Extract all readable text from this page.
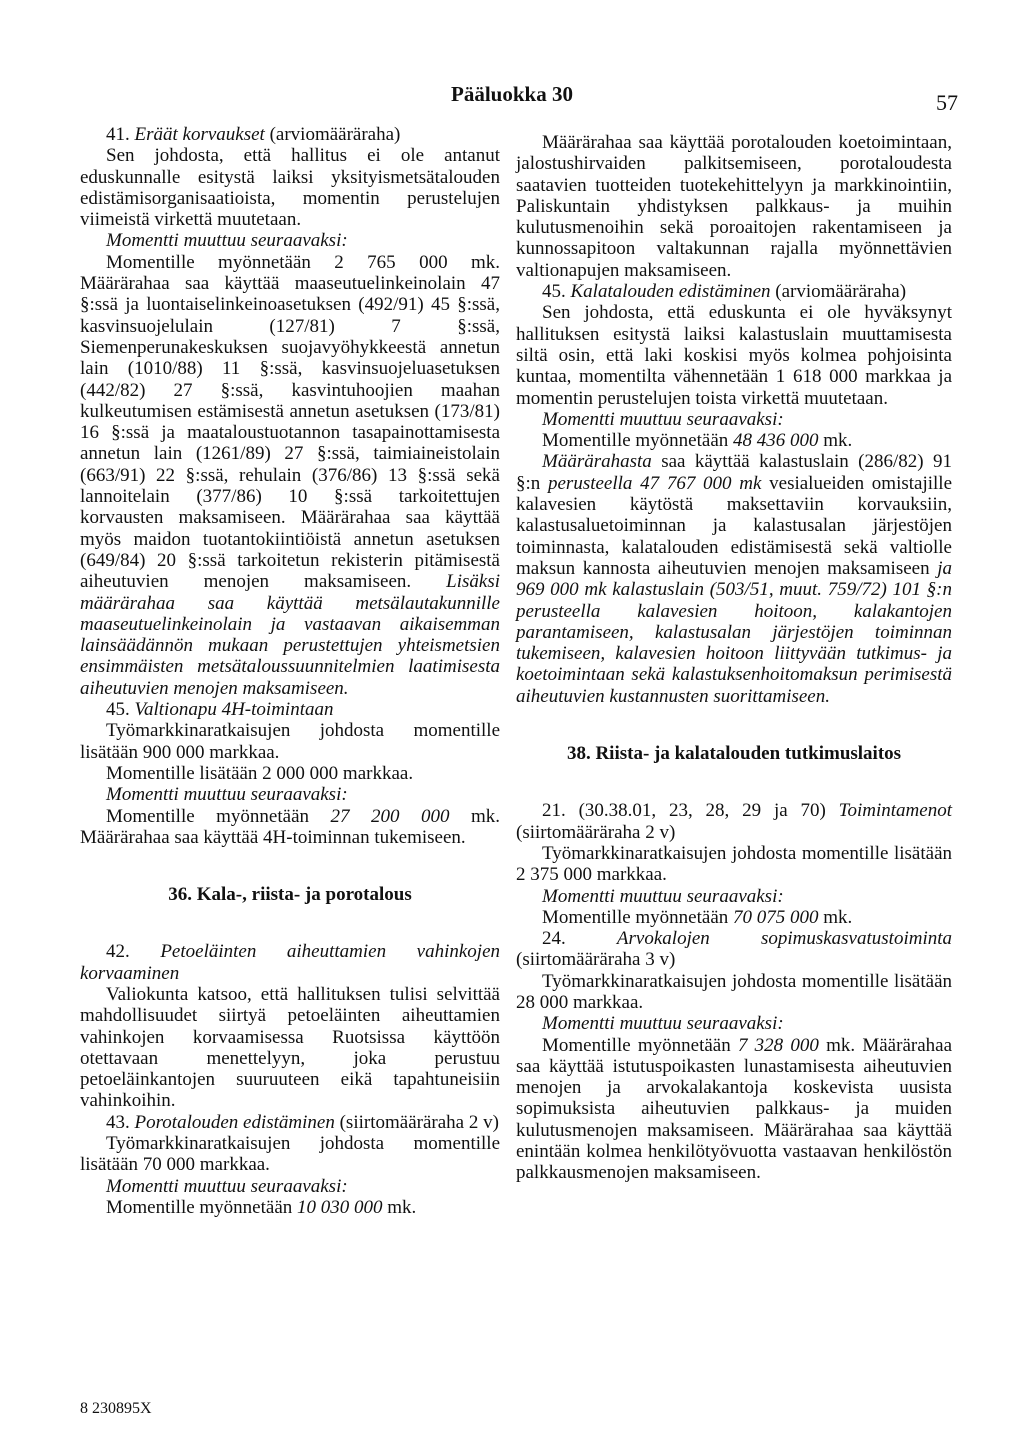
Pääluokka 30	57

41. Eräät korvaukset (arviomääräraha)

Sen johdosta, että hallitus ei ole antanut eduskunnalle esitystä laiksi yksityismetsätalouden edistämisorganisaatioista, momentin perustelujen viimeistä virkettä muutetaan.

Momentti muuttuu seuraavaksi:

Momentille myönnetään 2 765 000 mk. Määrärahaa saa käyttää maaseutuelinkeinolain 47 §:ssä ja luontaiselinkeinoasetuksen (492/91) 45 §:ssä, kasvinsuojelulain (127/81) 7 §:ssä, Siemenperunakeskuksen suojavyöhykkeestä annetun lain (1010/88) 11 §:ssä, kasvinsuojeluasetuksen (442/82) 27 §:ssä, kasvintuhoojien maahan kulkeutumisen estämisestä annetun asetuksen (173/81) 16 §:ssä ja maataloustuotannon tasapainottamisesta annetun lain (1261/89) 27 §:ssä, taimiaineistolain (663/91) 22 §:ssä, rehulain (376/86) 13 §:ssä sekä lannoitelain (377/86) 10 §:ssä tarkoitettujen korvausten maksamiseen. Määrärahaa saa käyttää myös maidon tuotantokiintiöistä annetun asetuksen (649/84) 20 §:ssä tarkoitetun rekisterin pitämisestä aiheutuvien menojen maksamiseen. Lisäksi määrärahaa saa käyttää metsälautakunnille maaseutuelinkeinolain ja vastaavan aikaisemman lainsäädännön mukaan perustettujen yhteismetsien ensimmäisten metsätaloussuunnitelmien laatimisesta aiheutuvien menojen maksamiseen.

45. Valtionapu 4H-toimintaan

Työmarkkinaratkaisujen johdosta momentille lisätään 900 000 markkaa.

Momentille lisätään 2 000 000 markkaa.

Momentti muuttuu seuraavaksi:

Momentille myönnetään 27 200 000 mk. Määrärahaa saa käyttää 4H-toiminnan tukemiseen.

36. Kala-, riista- ja porotalous

42. Petoeläinten aiheuttamien vahinkojen korvaaminen

Valiokunta katsoo, että hallituksen tulisi selvittää mahdollisuudet siirtyä petoeläinten aiheuttamien vahinkojen korvaamisessa Ruotsissa käyttöön otettavaan menettelyyn, joka perustuu petoeläinkantojen suuruuteen eikä tapahtuneisiin vahinkoihin.

43. Porotalouden edistäminen (siirtomääräraha 2 v)

Työmarkkinaratkaisujen johdosta momentille lisätään 70 000 markkaa.

Momentti muuttuu seuraavaksi:

Momentille myönnetään 10 030 000 mk.

Määrärahaa saa käyttää porotalouden koetoimintaan, jalostushirvaiden palkitsemiseen, porotaloudesta saatavien tuotteiden tuotekehittelyyn ja markkinointiin, Paliskuntain yhdistyksen palkkaus- ja muihin kulutusmenoihin sekä poroaitojen rakentamiseen ja kunnossapitoon valtakunnan rajalla myönnettävien valtionapujen maksamiseen.

45. Kalatalouden edistäminen (arviomääräraha)

Sen johdosta, että eduskunta ei ole hyväksynyt hallituksen esitystä laiksi kalastuslain muuttamisesta siltä osin, että laki koskisi myös kolmea pohjoisinta kuntaa, momentilta vähennetään 1 618 000 markkaa ja momentin perustelujen toista virkettä muutetaan.

Momentti muuttuu seuraavaksi:

Momentille myönnetään 48 436 000 mk.

Määrärahasta saa käyttää kalastuslain (286/82) 91 §:n perusteella 47 767 000 mk vesialueiden omistajille kalavesien käytöstä maksettaviin korvauksiin, kalastusaluetoiminnan ja kalastusalan järjestöjen toiminnasta, kalatalouden edistämisestä sekä valtiolle maksun kannosta aiheutuvien menojen maksamiseen ja 969 000 mk kalastuslain (503/51, muut. 759/72) 101 §:n perusteella kalavesien hoitoon, kalakantojen parantamiseen, kalastusalan järjestöjen toiminnan tukemiseen, kalavesien hoitoon liittyvään tutkimus- ja koetoimintaan sekä kalastuksenhoitomaksun perimisestä aiheutuvien kustannusten suorittamiseen.

38. Riista- ja kalatalouden tutkimuslaitos

21. (30.38.01, 23, 28, 29 ja 70) Toimintamenot (siirtomääräraha 2 v)

Työmarkkinaratkaisujen johdosta momentille lisätään 2 375 000 markkaa.

Momentti muuttuu seuraavaksi:

Momentille myönnetään 70 075 000 mk.

24.	Arvokalojen sopimuskasvatustoiminta (siirtomääräraha 3 v)

Työmarkkinaratkaisujen johdosta momentille lisätään 28 000 markkaa.

Momentti muuttuu seuraavaksi:

Momentille myönnetään 7 328 000 mk. Määrärahaa saa käyttää istutuspoikasten lunastamisesta aiheutuvien menojen ja arvokalakantoja koskevista uusista sopimuksista aiheutuvien palkkaus- ja muiden kulutusmenojen maksamiseen. Määrärahaa saa käyttää enintään kolmea henkilötyövuotta vastaavan henkilöstön palkkausmenojen maksamiseen.

8 230895X
